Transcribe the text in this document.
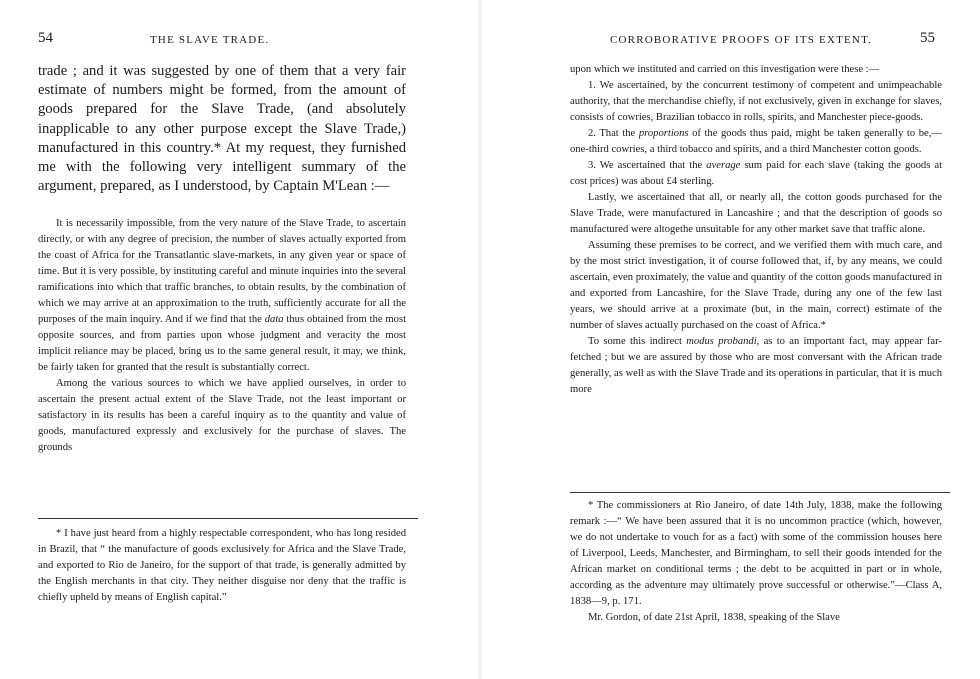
54	THE SLAVE TRADE.

trade ; and it was suggested by one of them that a very fair estimate of numbers might be formed, from the amount of goods prepared for the Slave Trade, (and absolutely inapplicable to any other purpose except the Slave Trade,) manufactured in this country.* At my request, they furnished me with the following very intelligent summary of the argument, prepared, as I understood, by Captain M'Lean :—

It is necessarily impossible, from the very nature of the Slave Trade, to ascertain directly, or with any degree of precision, the number of slaves actually exported from the coast of Africa for the Transatlantic slave-markets, in any given year or space of time. But it is very possible, by instituting careful and minute inquiries into the several ramifications into which that traffic branches, to obtain results, by the combination of which we may arrive at an approximation to the truth, sufficiently accurate for all the purposes of the main inquiry. And if we find that the data thus obtained from the most opposite sources, and from parties upon whose judgment and veracity the most implicit reliance may be placed, bring us to the same general result, it may, we think, be fairly taken for granted that the result is substantially correct.

Among the various sources to which we have applied ourselves, in order to ascertain the present actual extent of the Slave Trade, not the least important or satisfactory in its results has been a careful inquiry as to the quantity and value of goods, manufactured expressly and exclusively for the purchase of slaves. The grounds

* I have just heard from a highly respectable correspondent, who has long resided in Brazil, that “ the manufacture of goods exclusively for Africa and the Slave Trade, and exported to Rio de Janeiro, for the support of that trade, is generally admitted by the English merchants in that city. They neither disguise nor deny that the traffic is chiefly upheld by means of English capital.”

CORROBORATIVE PROOFS OF ITS EXTENT.	55

upon which we instituted and carried on this investigation were these :—

1. We ascertained, by the concurrent testimony of competent and unimpeachable authority, that the merchandise chiefly, if not exclusively, given in exchange for slaves, consists of cowries, Brazilian tobacco in rolls, spirits, and Manchester piece-goods.

2. That the proportions of the goods thus paid, might be taken generally to be,—one-third cowries, a third tobacco and spirits, and a third Manchester cotton goods.

3. We ascertained that the average sum paid for each slave (taking the goods at cost prices) was about £4 sterling.

Lastly, we ascertained that all, or nearly all, the cotton goods purchased for the Slave Trade, were manufactured in Lancashire ; and that the description of goods so manufactured were altogethe unsuitable for any other market save that traffic alone.

Assuming these premises to be correct, and we verified them with much care, and by the most strict investigation, it of course followed that, if, by any means, we could ascertain, even proximately, the value and quantity of the cotton goods manufactured in and exported from Lancashire, for the Slave Trade, during any one of the few last years, we should arrive at a proximate (but, in the main, correct) estimate of the number of slaves actually purchased on the coast of Africa.*

To some this indirect modus probandi, as to an important fact, may appear far-fetched ; but we are assured by those who are most conversant with the African trade generally, as well as with the Slave Trade and its operations in particular, that it is much more

* The commissioners at Rio Janeiro, of date 14th July, 1838, make the following remark :—“ We have been assured that it is no uncommon practice (which, however, we do not undertake to vouch for as a fact) with some of the commission houses here of Liverpool, Leeds, Manchester, and Birmingham, to sell their goods intended for the African market on conditional terms ; the debt to be acquitted in part or in whole, according as the adventure may ultimately prove successful or otherwise.”—Class A, 1838—9, p. 171.

Mr. Gordon, of date 21st April, 1838, speaking of the Slave
